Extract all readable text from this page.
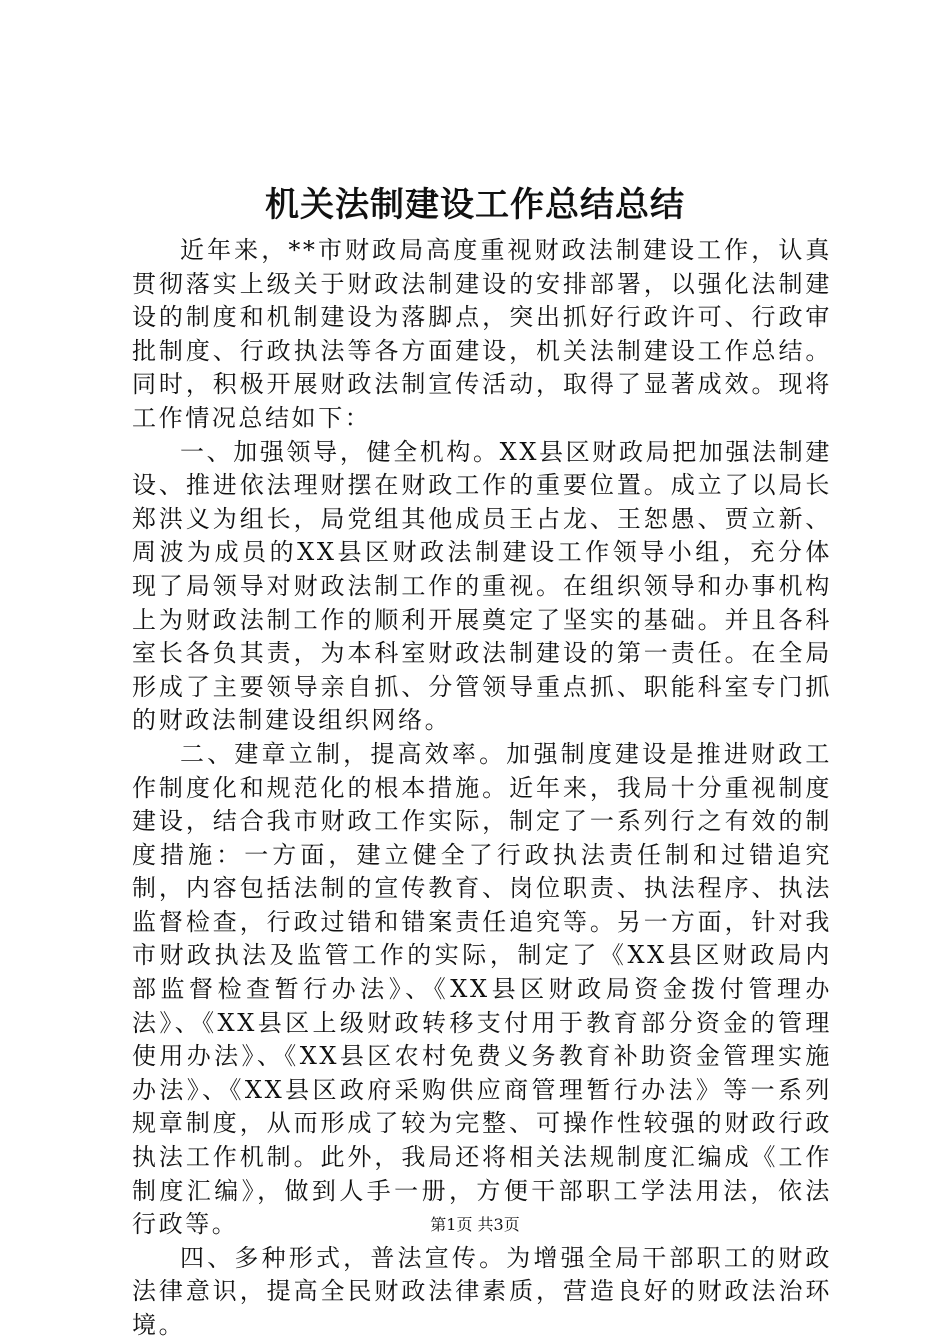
机关法制建设工作总结总结

近年来，**市财政局高度重视财政法制建设工作，认真贯彻落实上级关于财政法制建设的安排部署，以强化法制建设的制度和机制建设为落脚点，突出抓好行政许可、行政审批制度、行政执法等各方面建设，机关法制建设工作总结。同时，积极开展财政法制宣传活动，取得了显著成效。现将工作情况总结如下：

一、加强领导，健全机构。XX县区财政局把加强法制建设、推进依法理财摆在财政工作的重要位置。成立了以局长郑洪义为组长，局党组其他成员王占龙、王恕愚、贾立新、周波为成员的XX县区财政法制建设工作领导小组，充分体现了局领导对财政法制工作的重视。在组织领导和办事机构上为财政法制工作的顺利开展奠定了坚实的基础。并且各科室长各负其责，为本科室财政法制建设的第一责任。在全局形成了主要领导亲自抓、分管领导重点抓、职能科室专门抓的财政法制建设组织网络。

二、建章立制，提高效率。加强制度建设是推进财政工作制度化和规范化的根本措施。近年来，我局十分重视制度建设，结合我市财政工作实际，制定了一系列行之有效的制度措施：一方面，建立健全了行政执法责任制和过错追究制，内容包括法制的宣传教育、岗位职责、执法程序、执法监督检查，行政过错和错案责任追究等。另一方面，针对我市财政执法及监管工作的实际，制定了《XX县区财政局内部监督检查暂行办法》、《XX县区财政局资金拨付管理办法》、《XX县区上级财政转移支付用于教育部分资金的管理使用办法》、《XX县区农村免费义务教育补助资金管理实施办法》、《XX县区政府采购供应商管理暂行办法》等一系列规章制度，从而形成了较为完整、可操作性较强的财政行政执法工作机制。此外，我局还将相关法规制度汇编成《工作制度汇编》，做到人手一册，方便干部职工学法用法，依法行政等。

四、多种形式，普法宣传。为增强全局干部职工的财政法律意识，提高全民财政法律素质，营造良好的财政法治环境。

第1页 共3页
